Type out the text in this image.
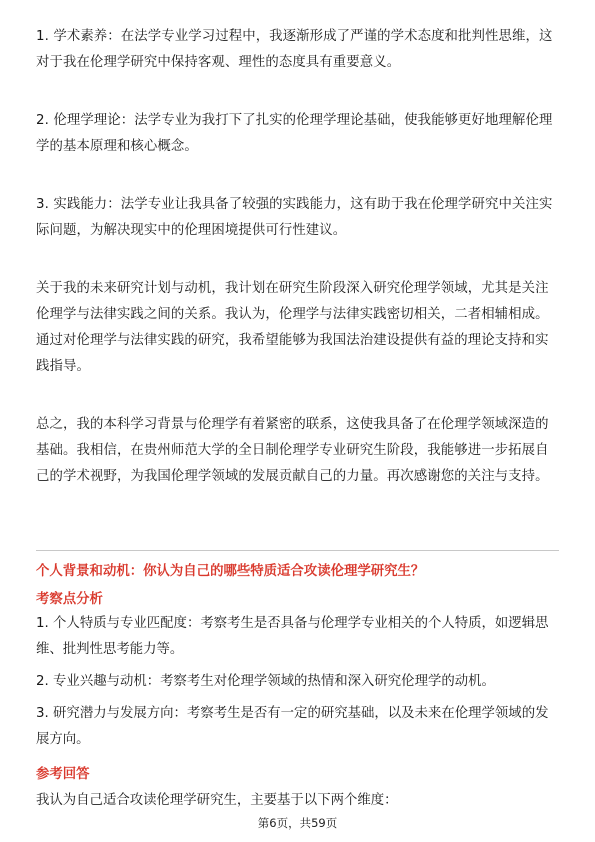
1. 学术素养：在法学专业学习过程中，我逐渐形成了严谨的学术态度和批判性思维，这对于我在伦理学研究中保持客观、理性的态度具有重要意义。

2. 伦理学理论：法学专业为我打下了扎实的伦理学理论基础，使我能够更好地理解伦理学的基本原理和核心概念。

3. 实践能力：法学专业让我具备了较强的实践能力，这有助于我在伦理学研究中关注实际问题，为解决现实中的伦理困境提供可行性建议。

关于我的未来研究计划与动机，我计划在研究生阶段深入研究伦理学领域，尤其是关注伦理学与法律实践之间的关系。我认为，伦理学与法律实践密切相关，二者相辅相成。通过对伦理学与法律实践的研究，我希望能够为我国法治建设提供有益的理论支持和实践指导。

总之，我的本科学习背景与伦理学有着紧密的联系，这使我具备了在伦理学领域深造的基础。我相信，在贵州师范大学的全日制伦理学专业研究生阶段，我能够进一步拓展自己的学术视野，为我国伦理学领域的发展贡献自己的力量。再次感谢您的关注与支持。

个人背景和动机：你认为自己的哪些特质适合攻读伦理学研究生？

考察点分析

1. 个人特质与专业匹配度：考察考生是否具备与伦理学专业相关的个人特质，如逻辑思维、批判性思考能力等。

2. 专业兴趣与动机：考察考生对伦理学领域的热情和深入研究伦理学的动机。

3. 研究潜力与发展方向：考察考生是否有一定的研究基础，以及未来在伦理学领域的发展方向。

参考回答

我认为自己适合攻读伦理学研究生，主要基于以下两个维度：

第6页，共59页
